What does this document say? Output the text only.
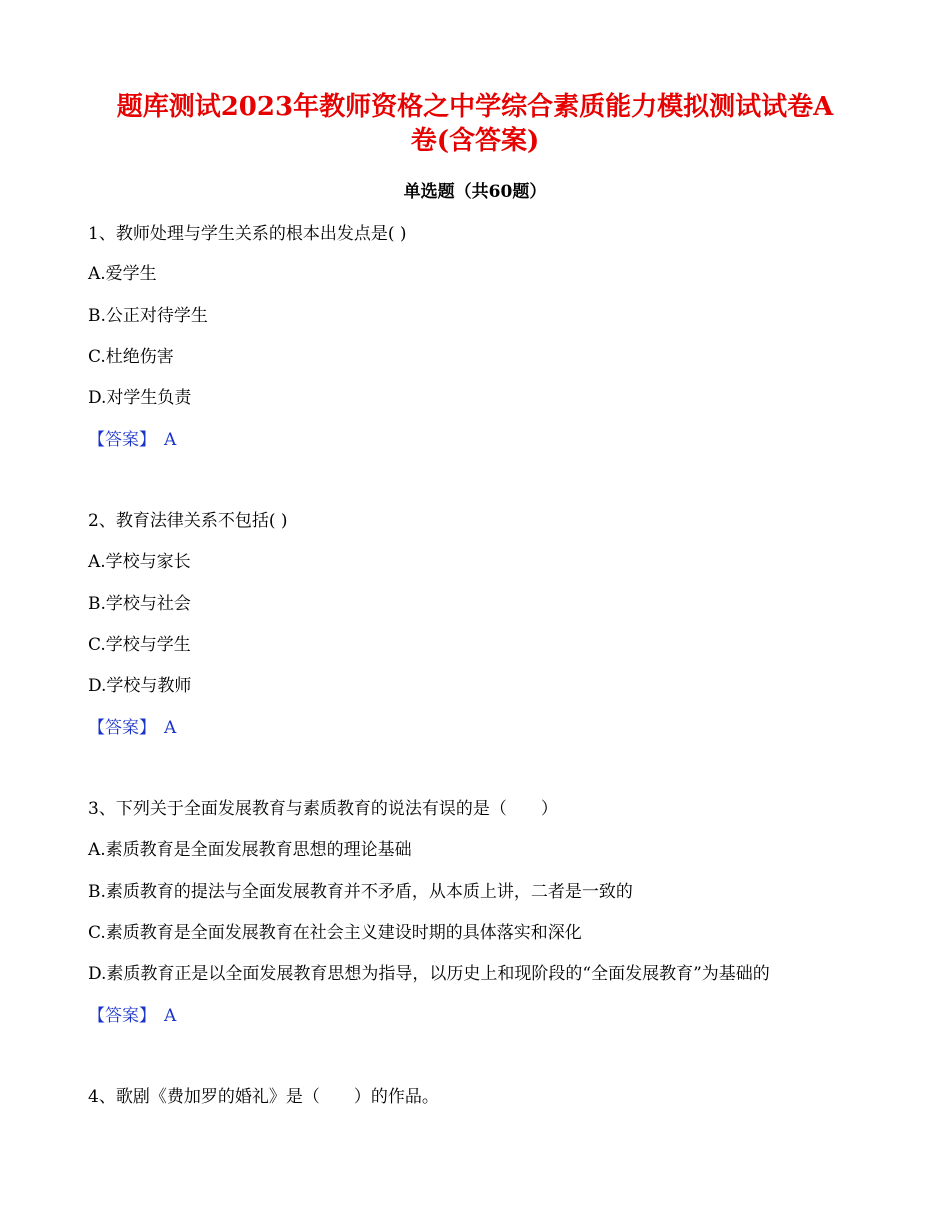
题库测试2023年教师资格之中学综合素质能力模拟测试试卷A
卷(含答案)
单选题（共60题）
1、教师处理与学生关系的根本出发点是( )
A.爱学生
B.公正对待学生
C.杜绝伤害
D.对学生负责
【答案】 A
2、教育法律关系不包括( )
A.学校与家长
B.学校与社会
C.学校与学生
D.学校与教师
【答案】 A
3、下列关于全面发展教育与素质教育的说法有误的是（　　）
A.素质教育是全面发展教育思想的理论基础
B.素质教育的提法与全面发展教育并不矛盾，从本质上讲，二者是一致的
C.素质教育是全面发展教育在社会主义建设时期的具体落实和深化
D.素质教育正是以全面发展教育思想为指导，以历史上和现阶段的“全面发展教育”为基础的
【答案】 A
4、歌剧《费加罗的婚礼》是（　　）的作品。
